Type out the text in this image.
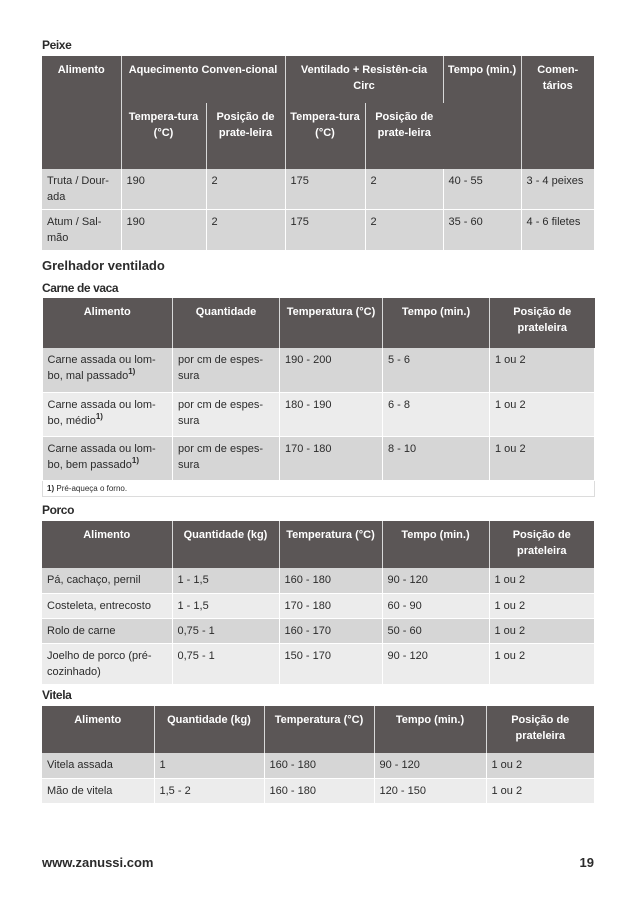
Peixe
Alimento	Aquecimento Conven-cional		Ventilado + Resistên-cia Circ		Tempo (min.)	Comen-tários
	Tempera-tura (°C)	Posição de prate-leira	Tempera-tura (°C)	Posição de prate-leira		
Truta / Dour-ada	190	2	175	2	40 - 55	3 - 4 peixes
Atum / Sal-mão	190	2	175	2	35 - 60	4 - 6 filetes
Grelhador ventilado
Carne de vaca
Alimento	Quantidade	Temperatura (°C)	Tempo (min.)	Posição de prateleira
Carne assada ou lom-bo, mal passado$^{1)}$	por cm de espes-sura	190 - 200	5 - 6	1 ou 2
Carne assada ou lom-bo, médio$^{1)}$	por cm de espes-sura	180 - 190	6 - 8	1 ou 2
Carne assada ou lom-bo, bem passado$^{1)}$	por cm de espes-sura	170 - 180	8 - 10	1 ou 2
1) Pré-aqueça o forno.				
Porco
Alimento	Quantidade (kg)	Temperatura (°C)	Tempo (min.)	Posição de prateleira
Pá, cachaço, pernil	1 - 1,5	160 - 180	90 - 120	1 ou 2
Costeleta, entrecosto	1 - 1,5	170 - 180	60 - 90	1 ou 2
Rolo de carne	0,75 - 1	160 - 170	50 - 60	1 ou 2
Joelho de porco (pré-cozinhado)	0,75 - 1	150 - 170	90 - 120	1 ou 2
Vitela
Alimento	Quantidade (kg)	Temperatura (°C)	Tempo (min.)	Posição de prateleira
Vitela assada	1	160 - 180	90 - 120	1 ou 2
Mão de vitela	1,5 - 2	160 - 180	120 - 150	1 ou 2
www.zanussi.com	19
